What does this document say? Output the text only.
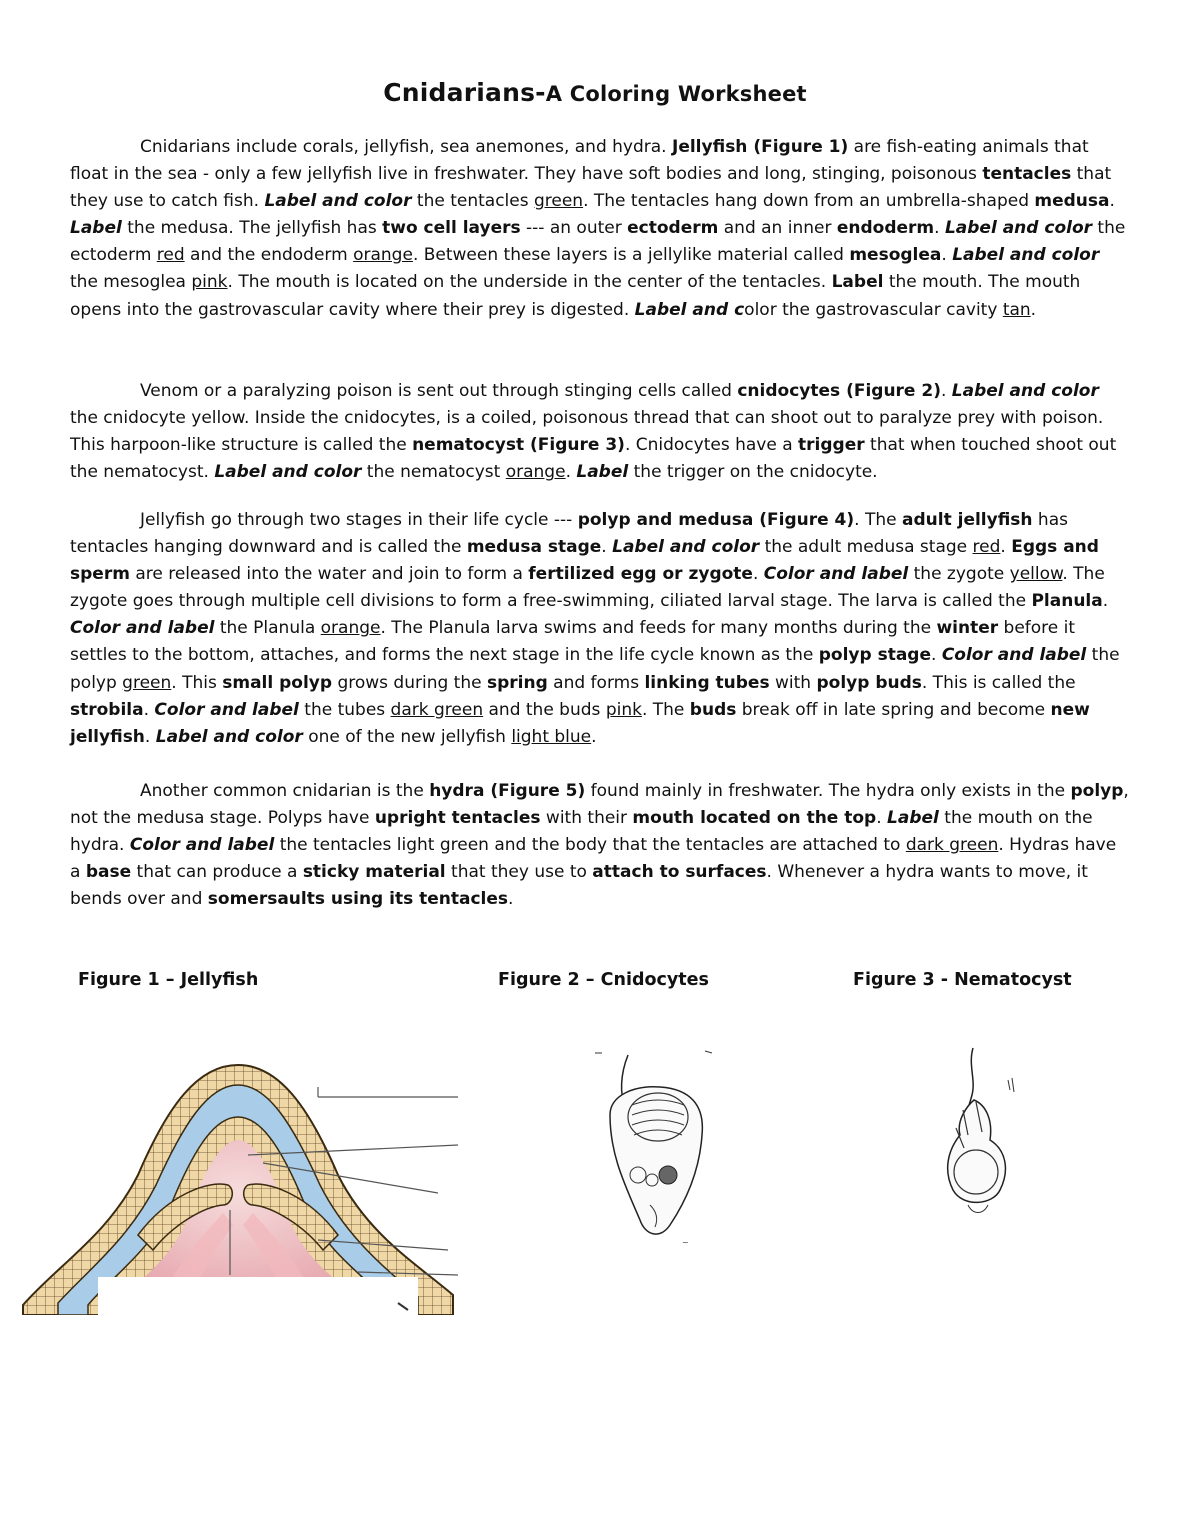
Cnidarians-A Coloring Worksheet

Cnidarians include corals, jellyfish, sea anemones, and hydra. Jellyfish (Figure 1) are fish-eating animals that float in the sea - only a few jellyfish live in freshwater. They have soft bodies and long, stinging, poisonous tentacles that they use to catch fish. Label and color the tentacles green. The tentacles hang down from an umbrella-shaped medusa. Label the medusa. The jellyfish has two cell layers --- an outer ectoderm and an inner endoderm. Label and color the ectoderm red and the endoderm orange. Between these layers is a jellylike material called mesoglea. Label and color the mesoglea pink. The mouth is located on the underside in the center of the tentacles. Label the mouth. The mouth opens into the gastrovascular cavity where their prey is digested. Label and color the gastrovascular cavity tan.

Venom or a paralyzing poison is sent out through stinging cells called cnidocytes (Figure 2). Label and color the cnidocyte yellow. Inside the cnidocytes, is a coiled, poisonous thread that can shoot out to paralyze prey with poison. This harpoon-like structure is called the nematocyst (Figure 3). Cnidocytes have a trigger that when touched shoot out the nematocyst. Label and color the nematocyst orange. Label the trigger on the cnidocyte.

Jellyfish go through two stages in their life cycle --- polyp and medusa (Figure 4). The adult jellyfish has tentacles hanging downward and is called the medusa stage. Label and color the adult medusa stage red. Eggs and sperm are released into the water and join to form a fertilized egg or zygote. Color and label the zygote yellow. The zygote goes through multiple cell divisions to form a free-swimming, ciliated larval stage. The larva is called the Planula. Color and label the Planula orange. The Planula larva swims and feeds for many months during the winter before it settles to the bottom, attaches, and forms the next stage in the life cycle known as the polyp stage. Color and label the polyp green. This small polyp grows during the spring and forms linking tubes with polyp buds. This is called the strobila. Color and label the tubes dark green and the buds pink. The buds break off in late spring and become new jellyfish. Label and color one of the new jellyfish light blue.

Another common cnidarian is the hydra (Figure 5) found mainly in freshwater. The hydra only exists in the polyp, not the medusa stage. Polyps have upright tentacles with their mouth located on the top. Label the mouth on the hydra. Color and label the tentacles light green and the body that the tentacles are attached to dark green. Hydras have a base that can produce a sticky material that they use to attach to surfaces. Whenever a hydra wants to move, it bends over and somersaults using its tentacles.

Figure 1 – Jellyfish	Figure 2 – Cnidocytes	Figure 3 - Nematocyst
~
